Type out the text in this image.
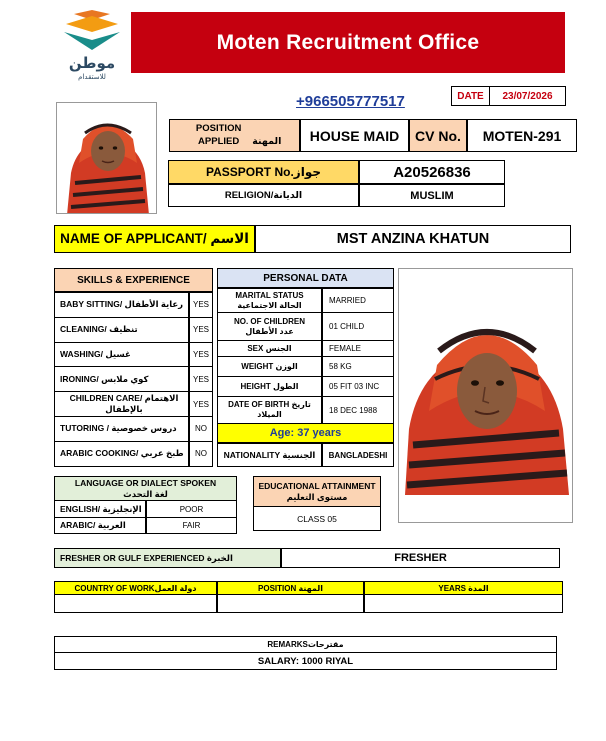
موطن
للاستقدام
Moten Recruitment Office
+966505777517	DATE	23/07/2026
POSITION APPLIED المهنة	HOUSE MAID	CV No.	MOTEN-291
PASSPORT No.جواز	A20526836
RELIGION/الديانة	MUSLIM
NAME OF APPLICANT/ الاسم	MST ANZINA KHATUN
SKILLS & EXPERIENCE
BABY SITTING/ رعاية الأطفال	YES
CLEANING/ تنظيف	YES
WASHING/ غسيل	YES
IRONING/ كوي ملابس	YES
CHILDREN CARE/ الاهتمام بالإطفال	YES
TUTORING / دروس خصوصية	NO
ARABIC COOKING/ طبخ عربي	NO
PERSONAL DATA
MARITAL STATUS
الحالة الاجتماعية	MARRIED
NO. OF CHILDREN
عدد الأطفال	01 CHILD
SEX الجنس	FEMALE
WEIGHT الوزن	58 KG
HEIGHT الطول	05 FIT 03 INC
DATE OF BIRTH تاريخ الميلاد	18 DEC 1988
Age: 37 years
NATIONALITY الجنسية BANGLADESHI
LANGUAGE OR DIALECT SPOKEN
لغة التحدث
ENGLISH/ الإنجليزية	POOR
ARABIC/ العربية	FAIR
EDUCATIONAL ATTAINMENT
مستوى التعليم
CLASS 05
FRESHER OR GULF EXPERIENCED الخبرة	FRESHER
COUNTRY OF WORKدولة العمل	POSITION المهنة	YEARS المدة
REMARKSمقترحات
SALARY: 1000 RIYAL
